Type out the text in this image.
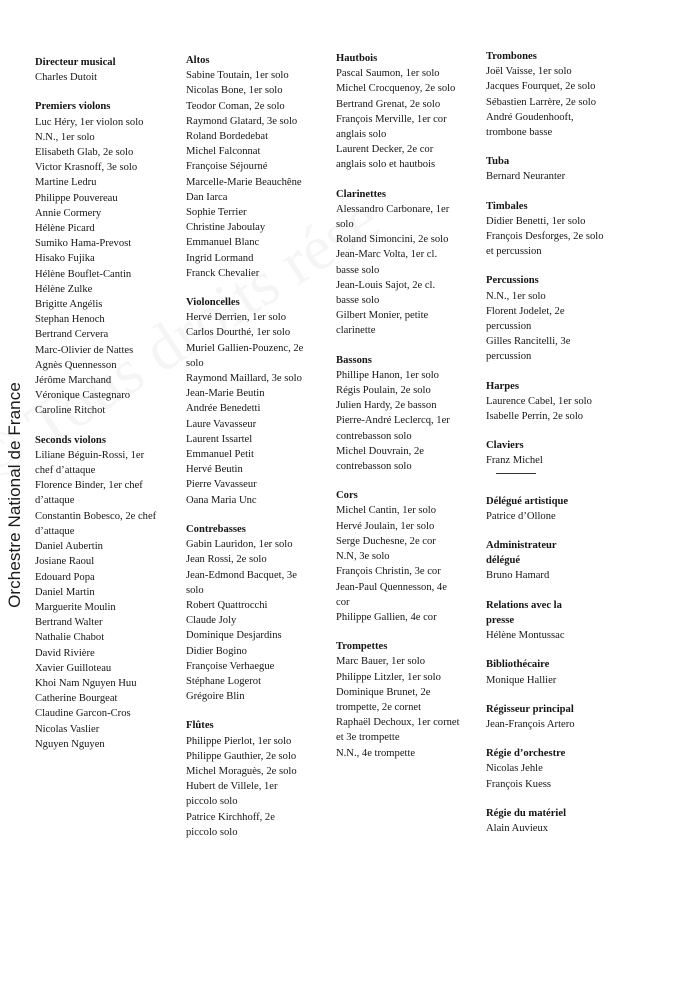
Orchestre National de France
Directeur musical
Charles Dutoit
Premiers violons
Luc Héry, 1er violon solo
N.N., 1er solo
Elisabeth Glab, 2e solo
Victor Krasnoff, 3e solo
Martine Ledru
Philippe Pouvereau
Annie Cormery
Hélène Picard
Sumiko Hama-Prevost
Hisako Fujika
Hélène Bouflet-Cantin
Hélène Zulke
Brigitte Angélis
Stephan Henoch
Bertrand Cervera
Marc-Olivier de Nattes
Agnès Quennesson
Jérôme Marchand
Véronique Castegnaro
Caroline Ritchot
Seconds violons
Liliane Béguin-Rossi, 1er
chef d’attaque
Florence Binder, 1er chef
d’attaque
Constantin Bobesco, 2e chef
d’attaque
Daniel Aubertin
Josiane Raoul
Edouard Popa
Daniel Martin
Marguerite Moulin
Bertrand Walter
Nathalie Chabot
David Rivière
Xavier Guilloteau
Khoi Nam Nguyen Huu
Catherine Bourgeat
Claudine Garcon-Cros
Nicolas Vaslier
Nguyen Nguyen
Altos
Sabine Toutain, 1er solo
Nicolas Bone, 1er solo
Teodor Coman, 2e solo
Raymond Glatard, 3e solo
Roland Bordedebat
Michel Falconnat
Françoise Séjourné
Marcelle-Marie Beauchêne
Dan Iarca
Sophie Terrier
Christine Jaboulay
Emmanuel Blanc
Ingrid Lormand
Franck Chevalier
Violoncelles
Hervé Derrien, 1er solo
Carlos Dourthé, 1er solo
Muriel Gallien-Pouzenc, 2e
solo
Raymond Maillard, 3e solo
Jean-Marie Beutin
Andrée Benedetti
Laure Vavasseur
Laurent Issartel
Emmanuel Petit
Hervé Beutin
Pierre Vavasseur
Oana Maria Unc
Contrebasses
Gabin Lauridon, 1er solo
Jean Rossi, 2e solo
Jean-Edmond Bacquet, 3e
solo
Robert Quattrocchi
Claude Joly
Dominique Desjardins
Didier Bogino
Françoise Verhaegue
Stéphane Logerot
Grégoire Blin
Flûtes
Philippe Pierlot, 1er solo
Philippe Gauthier, 2e solo
Michel Moraguès, 2e solo
Hubert de Villele, 1er
piccolo solo
Patrice Kirchhoff, 2e
piccolo solo
Hautbois
Pascal Saumon, 1er solo
Michel Crocquenoy, 2e solo
Bertrand Grenat, 2e solo
François Merville, 1er cor
anglais solo
Laurent Decker, 2e cor
anglais solo et hautbois
Clarinettes
Alessandro Carbonare, 1er
solo
Roland Simoncini, 2e solo
Jean-Marc Volta, 1er cl.
basse solo
Jean-Louis Sajot, 2e cl.
basse solo
Gilbert Monier, petite
clarinette
Bassons
Phillipe Hanon, 1er solo
Régis Poulain, 2e solo
Julien Hardy, 2e basson
Pierre-André Leclercq, 1er
contrebasson solo
Michel Douvrain, 2e
contrebasson solo
Cors
Michel Cantin, 1er solo
Hervé Joulain, 1er solo
Serge Duchesne, 2e cor
N.N, 3e solo
François Christin, 3e cor
Jean-Paul Quennesson, 4e
cor
Philippe Gallien, 4e cor
Trompettes
Marc Bauer, 1er solo
Philippe Litzler, 1er solo
Dominique Brunet, 2e
trompette, 2e cornet
Raphaël Dechoux, 1er cornet
et 3e trompette
N.N., 4e trompette
Trombones
Joël Vaisse, 1er solo
Jacques Fourquet, 2e solo
Sébastien Larrère, 2e solo
André Goudenhooft,
trombone basse
Tuba
Bernard Neuranter
Timbales
Didier Benetti, 1er solo
François Desforges, 2e solo
et percussion
Percussions
N.N., 1er solo
Florent Jodelet, 2e
percussion
Gilles Rancitelli, 3e
percussion
Harpes
Laurence Cabel, 1er solo
Isabelle Perrin, 2e solo
Claviers
Franz Michel
Délégué artistique
Patrice d’Ollone
Administrateur
délégué
Bruno Hamard
Relations avec la
presse
Hélène Montussac
Bibliothécaire
Monique Hallier
Régisseur principal
Jean-François Artero
Régie d’orchestre
Nicolas Jehle
François Kuess
Régie du matériel
Alain Auvieux
